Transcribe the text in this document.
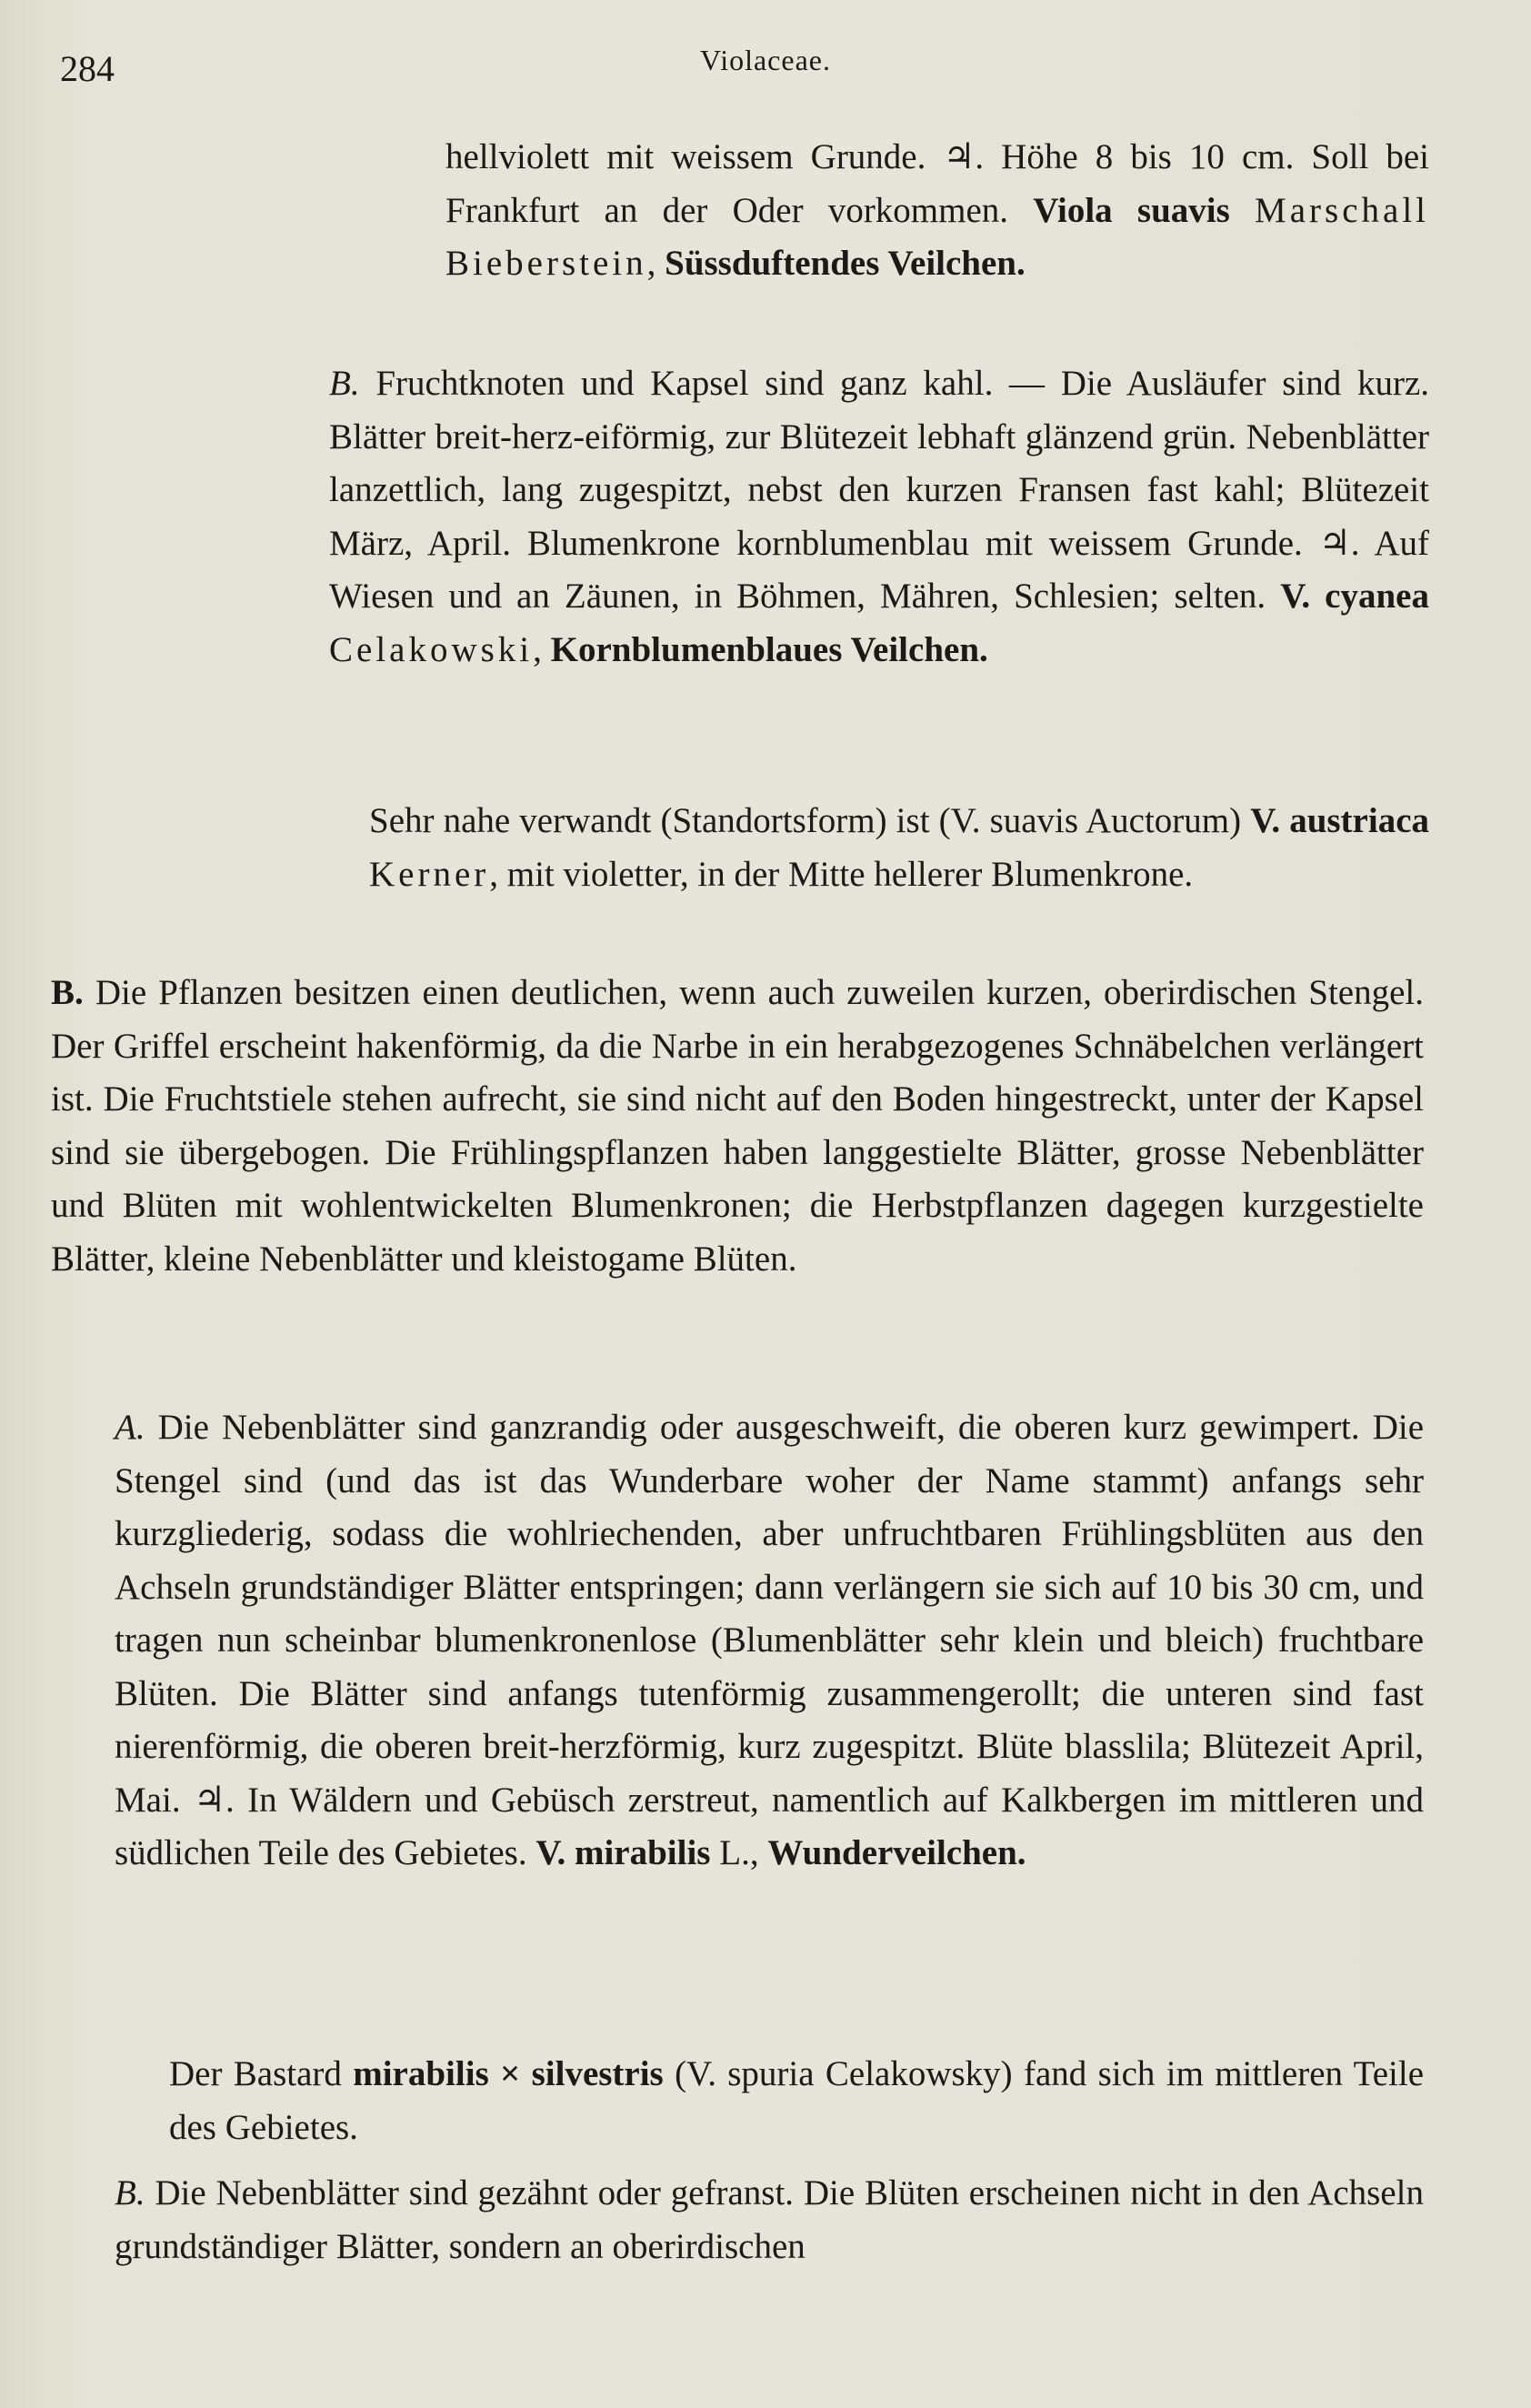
284	Violaceae.

hellviolett mit weissem Grunde. ♃. Höhe 8 bis 10 cm. Soll bei Frankfurt an der Oder vorkommen. Viola suavis Marschall Bieberstein, Süssduftendes Veilchen.

B. Fruchtknoten und Kapsel sind ganz kahl. — Die Ausläufer sind kurz. Blätter breit-herz-eiförmig, zur Blütezeit lebhaft glänzend grün. Nebenblätter lanzettlich, lang zugespitzt, nebst den kurzen Fransen fast kahl; Blütezeit März, April. Blumenkrone kornblumenblau mit weissem Grunde. ♃. Auf Wiesen und an Zäunen, in Böhmen, Mähren, Schlesien; selten. V. cyanea Celakowski, Kornblumenblaues Veilchen.

Sehr nahe verwandt (Standortsform) ist (V. suavis Auctorum) V. austriaca Kerner, mit violetter, in der Mitte hellerer Blumenkrone.

B. Die Pflanzen besitzen einen deutlichen, wenn auch zuweilen kurzen, oberirdischen Stengel. Der Griffel erscheint hakenförmig, da die Narbe in ein herabgezogenes Schnäbelchen verlängert ist. Die Fruchtstiele stehen aufrecht, sie sind nicht auf den Boden hingestreckt, unter der Kapsel sind sie übergebogen. Die Frühlingspflanzen haben langgestielte Blätter, grosse Nebenblätter und Blüten mit wohlentwickelten Blumenkronen; die Herbstpflanzen dagegen kurzgestielte Blätter, kleine Nebenblätter und kleistogame Blüten.

A. Die Nebenblätter sind ganzrandig oder ausgeschweift, die oberen kurz gewimpert. Die Stengel sind (und das ist das Wunderbare woher der Name stammt) anfangs sehr kurzgliederig, sodass die wohlriechenden, aber unfruchtbaren Frühlingsblüten aus den Achseln grundständiger Blätter entspringen; dann verlängern sie sich auf 10 bis 30 cm, und tragen nun scheinbar blumenkronenlose (Blumenblätter sehr klein und bleich) fruchtbare Blüten. Die Blätter sind anfangs tutenförmig zusammengerollt; die unteren sind fast nierenförmig, die oberen breit-herzförmig, kurz zugespitzt. Blüte blasslila; Blütezeit April, Mai. ♃. In Wäldern und Gebüsch zerstreut, namentlich auf Kalkbergen im mittleren und südlichen Teile des Gebietes. V. mirabilis L., Wunderveilchen.

Der Bastard mirabilis × silvestris (V. spuria Celakowsky) fand sich im mittleren Teile des Gebietes.

B. Die Nebenblätter sind gezähnt oder gefranst. Die Blüten erscheinen nicht in den Achseln grundständiger Blätter, sondern an oberirdischen
